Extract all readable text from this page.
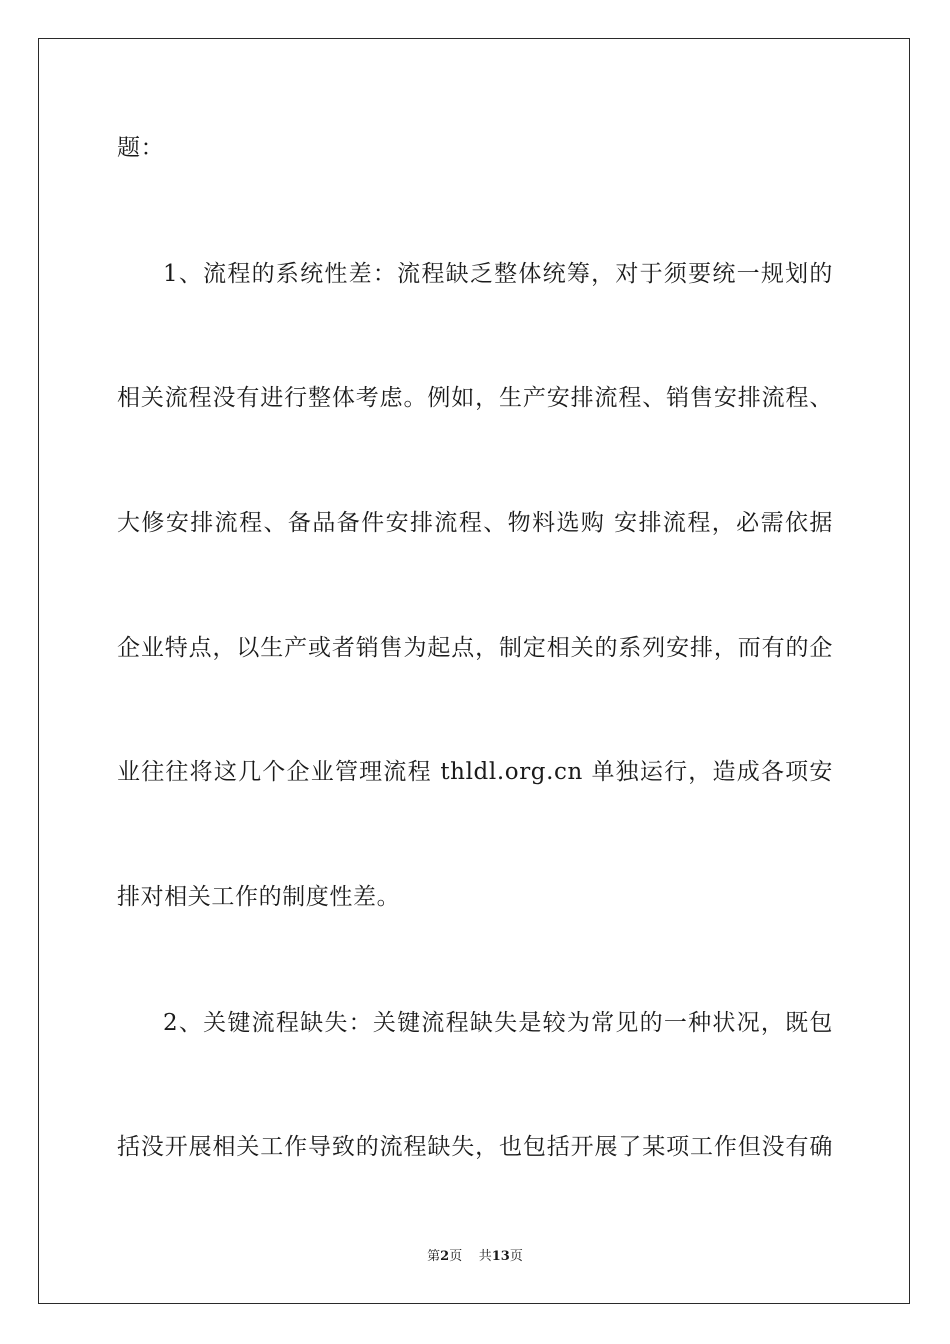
题：
1、流程的系统性差：流程缺乏整体统筹，对于须要统一规划的
相关流程没有进行整体考虑。例如，生产安排流程、销售安排流程、
大修安排流程、备品备件安排流程、物料选购 安排流程，必需依据
企业特点，以生产或者销售为起点，制定相关的系列安排，而有的企
业往往将这几个企业管理流程 thldl.org.cn 单独运行，造成各项安
排对相关工作的制度性差。
2、关键流程缺失：关键流程缺失是较为常见的一种状况，既包
括没开展相关工作导致的流程缺失，也包括开展了某项工作但没有确
第2页 共13页
